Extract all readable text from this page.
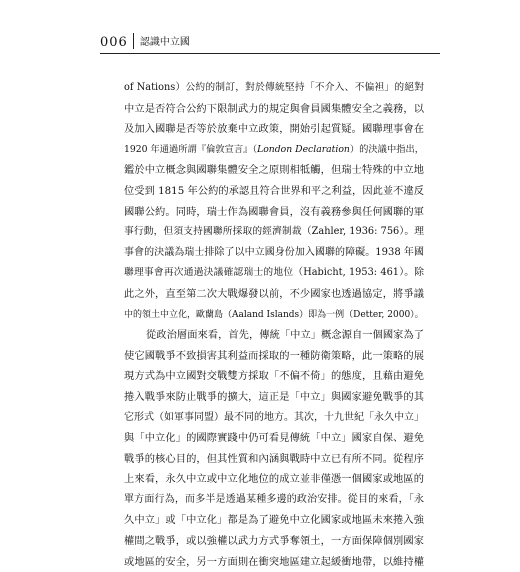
006 認識中立國
of Nations）公約的制訂，對於傳統堅持「不介入、不偏袒」的絕對
中立是否符合公約下限制武力的規定與會員國集體安全之義務，以
及加入國聯是否等於放棄中立政策，開始引起質疑。國聯理事會在
1920 年通過所謂『倫敦宣言』（London Declaration）的決議中指出，
鑑於中立概念與國聯集體安全之原則相牴觸，但瑞士特殊的中立地
位受到 1815 年公約的承認且符合世界和平之利益，因此並不違反
國聯公約。同時，瑞士作為國聯會員，沒有義務參與任何國聯的軍
事行動，但須支持國聯所採取的經濟制裁（Zahler, 1936: 756）。理
事會的決議為瑞士排除了以中立國身份加入國聯的障礙。1938 年國
聯理事會再次通過決議確認瑞士的地位（Habicht, 1953: 461）。除
此之外，直至第二次大戰爆發以前，不少國家也透過協定，將爭議
中的領土中立化，歐蘭島（Aaland Islands）即為一例（Detter, 2000）。
從政治層面來看，首先，傳統「中立」概念源自一個國家為了
使它國戰爭不致損害其利益而採取的一種防衛策略，此一策略的展
現方式為中立國對交戰雙方採取「不偏不倚」的態度，且藉由避免
捲入戰爭來防止戰爭的擴大，這正是「中立」與國家避免戰爭的其
它形式（如軍事同盟）最不同的地方。其次，十九世紀「永久中立」
與「中立化」的國際實踐中仍可看見傳統「中立」國家自保、避免
戰爭的核心目的，但其性質和內涵與戰時中立已有所不同。從程序
上來看，永久中立或中立化地位的成立並非僅憑一個國家或地區的
單方面行為，而多半是透過某種多邊的政治安排。從目的來看，「永
久中立」或「中立化」都是為了避免中立化國家或地區未來捲入強
權間之戰爭，或以強權以武力方式爭奪領土，一方面保障個別國家
或地區的安全，另一方面則在衝突地區建立起緩衝地帶，以維持權
